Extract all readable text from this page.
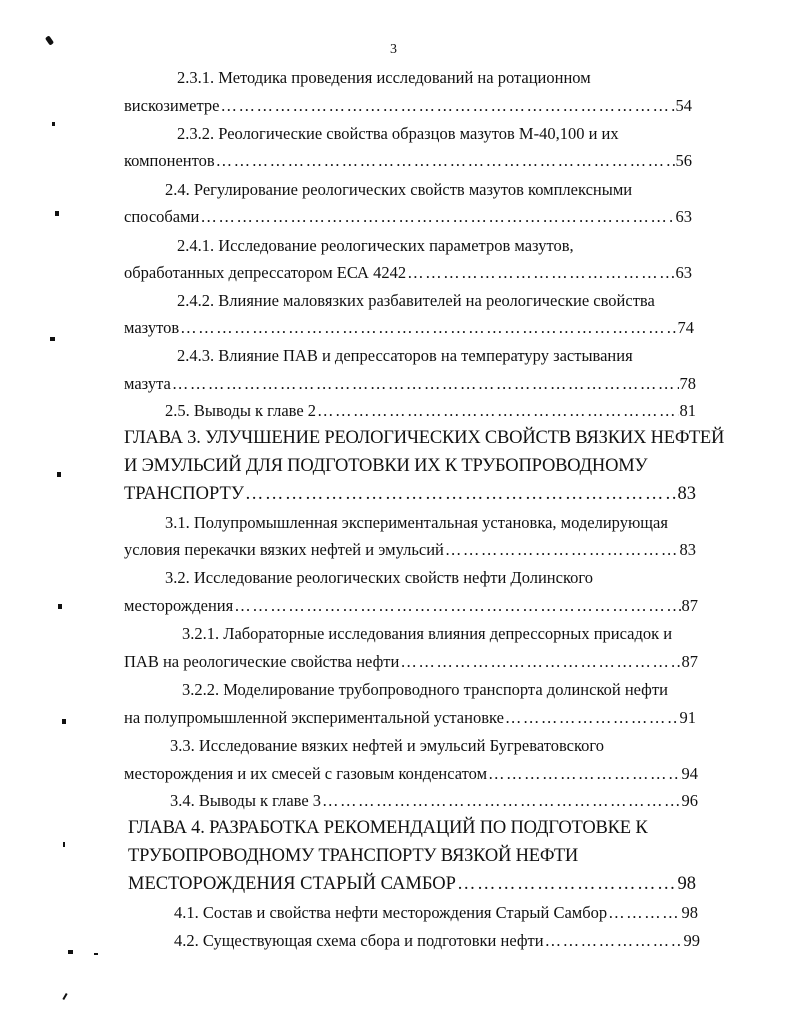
3
2.3.1. Методика проведения исследований на ротационном
вискозиметре …………………………………………………………………………………………………………………………………………………………	54
2.3.2. Реологические свойства образцов мазутов М-40,100 и их
компонентов …………………………………………………………………………………………………………………………………………………………	56
2.4. Регулирование реологических свойств мазутов комплексными
способами …………………………………………………………………………………………………………………………………………………………	63
2.4.1. Исследование реологических параметров мазутов,
обработанных депрессатором ЕСА 4242 …………………………………………………………………………………………………………………………………………………………	63
2.4.2. Влияние маловязких разбавителей на реологические свойства
мазутов …………………………………………………………………………………………………………………………………………………………	74
2.4.3. Влияние ПАВ и депрессаторов на температуру застывания
мазута …………………………………………………………………………………………………………………………………………………………	78
2.5. Выводы к главе 2 …………………………………………………………………………………………………………………………………………………………	81
ГЛАВА 3. УЛУЧШЕНИЕ РЕОЛОГИЧЕСКИХ СВОЙСТВ ВЯЗКИХ НЕФТЕЙ
И ЭМУЛЬСИЙ ДЛЯ ПОДГОТОВКИ ИХ К ТРУБОПРОВОДНОМУ
ТРАНСПОРТУ …………………………………………………………………………………………………………………………………………………………	83
3.1. Полупромышленная экспериментальная установка, моделирующая
условия перекачки вязких нефтей и эмульсий …………………………………………………………………………………………………………………………………………………………	83
3.2. Исследование реологических свойств нефти Долинского
месторождения …………………………………………………………………………………………………………………………………………………………	87
3.2.1. Лабораторные исследования влияния депрессорных присадок и
ПАВ на реологические свойства нефти …………………………………………………………………………………………………………………………………………………………	87
3.2.2. Моделирование трубопроводного транспорта долинской нефти
на полупромышленной экспериментальной установке …………………………………………………………………………………………………………………………………………………………	91
3.3. Исследование вязких нефтей и эмульсий Бугреватовского
месторождения и их смесей с газовым конденсатом …………………………………………………………………………………………………………………………………………………………	94
3.4. Выводы к главе 3 …………………………………………………………………………………………………………………………………………………………	96
ГЛАВА 4. РАЗРАБОТКА РЕКОМЕНДАЦИЙ ПО ПОДГОТОВКЕ К
ТРУБОПРОВОДНОМУ ТРАНСПОРТУ ВЯЗКОЙ НЕФТИ
МЕСТОРОЖДЕНИЯ СТАРЫЙ САМБОР …………………………………………………………………………………………………………………………………………………………	98
4.1. Состав и свойства нефти месторождения Старый Самбор …………………………………………………………………………………………………………………………………………………………	98
4.2. Существующая схема сбора и подготовки нефти …………………………………………………………………………………………………………………………………………………………	99
